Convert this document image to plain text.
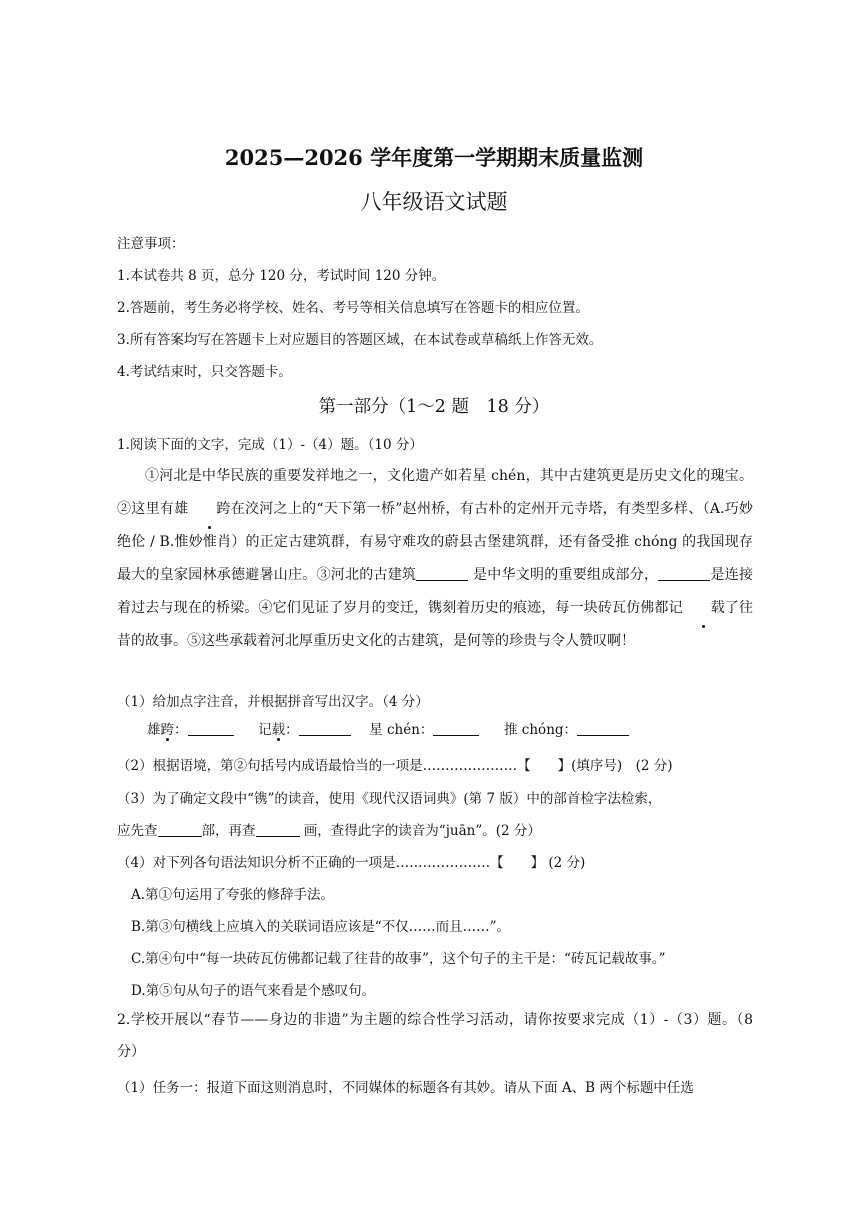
2025—2026 学年度第一学期期末质量监测
八年级语文试题
注意事项：
1.本试卷共 8 页，总分 120 分，考试时间 120 分钟。
2.答题前，考生务必将学校、姓名、考号等相关信息填写在答题卡的相应位置。
3.所有答案均写在答题卡上对应题目的答题区域，在本试卷或草稿纸上作答无效。
4.考试结束时，只交答题卡。
第一部分（1～2 题　18 分）
1.阅读下面的文字，完成（1）-（4）题。（10 分）
①河北是中华民族的重要发祥地之一，文化遗产如若星 chén，其中古建筑更是历史文化的瑰宝。②这里有雄 跨在洨河之上的“天下第一桥”赵州桥，有古朴的定州开元寺塔，有类型多样、（A.巧妙绝伦 / B.惟妙惟肖）的正定古建筑群，有易守难攻的蔚县古堡建筑群，还有备受推 chóng 的我国现存最大的皇家园林承德避暑山庄。③河北的古建筑	是中华文明的重要组成部分，	是连接着过去与现在的桥梁。④它们见证了岁月的变迁，镌刻着历史的痕迹，每一块砖瓦仿佛都记 载了往昔的故事。⑤这些承载着河北厚重历史文化的古建筑，是何等的珍贵与令人赞叹啊！
（1）给加点字注音，并根据拼音写出汉字。（4 分）
雄跨：	记载：	星 chén：	推 chóng：
（2）根据语境，第②句括号内成语最恰当的一项是…………………【　　】(填序号)　(2 分)
（3）为了确定文段中“镌”的读音，使用《现代汉语词典》(第 7 版）中的部首检字法检索，
应先查	部，再查	画，查得此字的读音为“juān”。(2 分）
（4）对下列各句语法知识分析不正确的一项是…………………【　　】 (2 分)
A.第①句运用了夸张的修辞手法。
B.第③句横线上应填入的关联词语应该是“不仅……而且……”。
C.第④句中“每一块砖瓦仿佛都记载了往昔的故事”，这个句子的主干是：“砖瓦记载故事。”
D.第⑤句从句子的语气来看是个感叹句。
2.学校开展以“春节——身边的非遗”为主题的综合性学习活动，请你按要求完成（1）-（3）题。（8 分）
（1）任务一：报道下面这则消息时，不同媒体的标题各有其妙。请从下面 A、B 两个标题中任选
